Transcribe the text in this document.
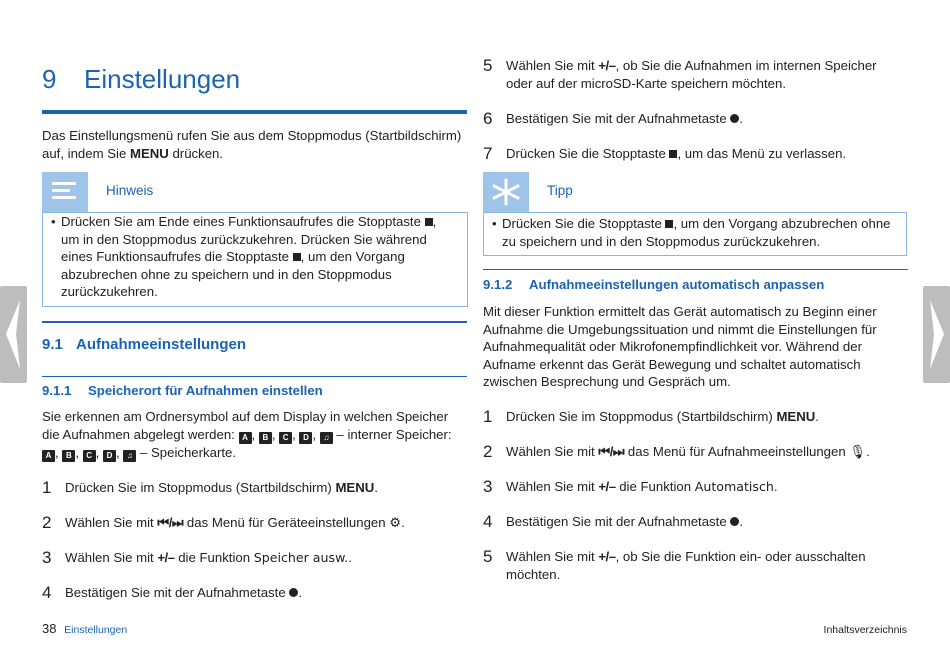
9 Einstellungen
Das Einstellungsmenü rufen Sie aus dem Stoppmodus (Startbildschirm) auf, indem Sie MENU drücken.
Hinweis
• Drücken Sie am Ende eines Funktionsaufrufes die Stopptaste ,
um in den Stoppmodus zurückzukehren. Drücken Sie während
eines Funktionsaufrufes die Stopptaste , um den Vorgang
abzubrechen ohne zu speichern und in den Stoppmodus
zurückzukehren.
9.1 Aufnahmeeinstellungen
9.1.1 Speicherort für Aufnahmen einstellen
Sie erkennen am Ordnersymbol auf dem Display in welchen Speicher die Aufnahmen abgelegt werden: A , B , C , D , ♫ – interner Speicher: A , B , C , D , ♫ – Speicherkarte.
1	Drücken Sie im Stoppmodus (Startbildschirm) MENU.
2	Wählen Sie mit ⏮/⏭ das Menü für Geräteeinstellungen ⚙.
3	Wählen Sie mit +/– die Funktion Speicher ausw..
4	Bestätigen Sie mit der Aufnahmetaste .
5	Wählen Sie mit +/–, ob Sie die Aufnahmen im internen Speicher
oder auf der microSD-Karte speichern möchten.
6	Bestätigen Sie mit der Aufnahmetaste .
7	Drücken Sie die Stopptaste , um das Menü zu verlassen.
Tipp
• Drücken Sie die Stopptaste , um den Vorgang abzubrechen ohne
zu speichern und in den Stoppmodus zurückzukehren.
9.1.2 Aufnahmeeinstellungen automatisch anpassen
Mit dieser Funktion ermittelt das Gerät automatisch zu Beginn einer Aufnahme die Umgebungssituation und nimmt die Einstellungen für Aufnahmequalität oder Mikrofonempfindlichkeit vor. Während der Aufname erkennt das Gerät Bewegung und schaltet automatisch zwischen Besprechung und Gespräch um.
1	Drücken Sie im Stoppmodus (Startbildschirm) MENU.
2	Wählen Sie mit ⏮/⏭ das Menü für Aufnahmeeinstellungen 🎙.
3	Wählen Sie mit +/– die Funktion Automatisch.
4	Bestätigen Sie mit der Aufnahmetaste .
5	Wählen Sie mit +/–, ob Sie die Funktion ein- oder ausschalten
möchten.
38 Einstellungen	Inhaltsverzeichnis
